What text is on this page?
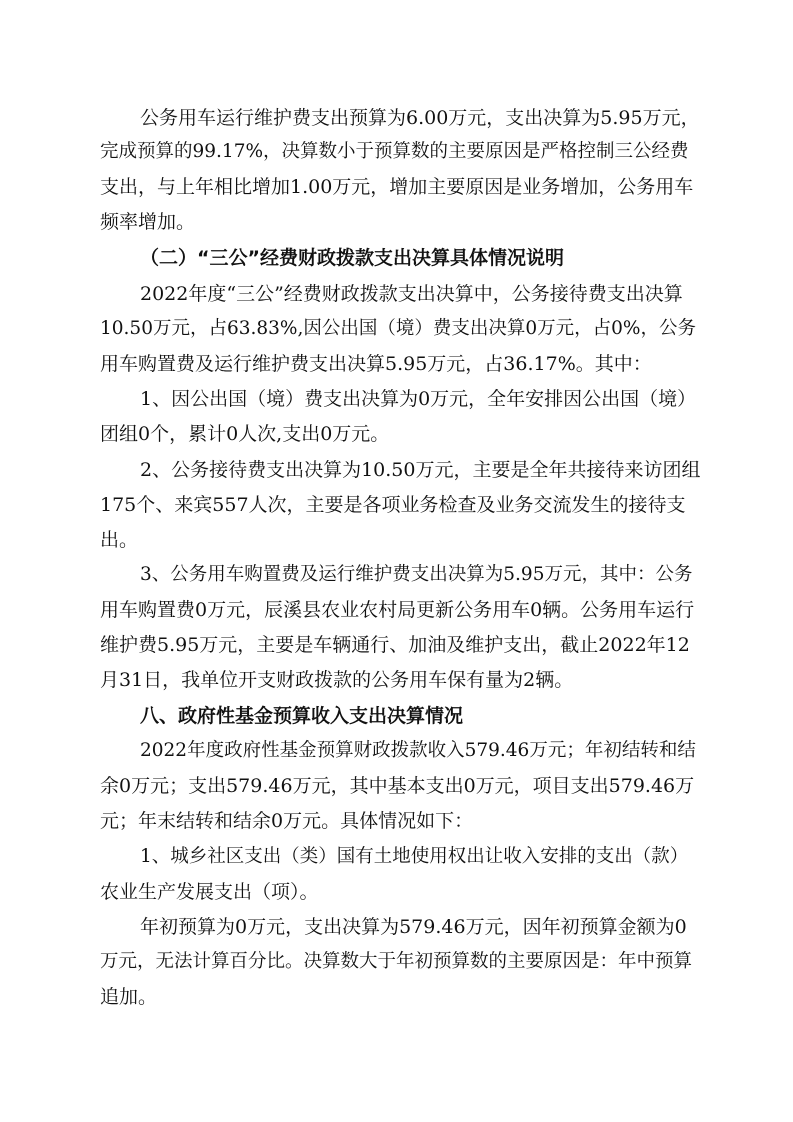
公务用车运行维护费支出预算为6.00万元，支出决算为5.95万元，
完成预算的99.17%，决算数小于预算数的主要原因是严格控制三公经费
支出，与上年相比增加1.00万元，增加主要原因是业务增加，公务用车
频率增加。
（二）“三公”经费财政拨款支出决算具体情况说明
2022年度“三公”经费财政拨款支出决算中，公务接待费支出决算
10.50万元，占63.83%,因公出国（境）费支出决算0万元，占0%，公务
用车购置费及运行维护费支出决算5.95万元，占36.17%。其中：
1、因公出国（境）费支出决算为0万元，全年安排因公出国（境）
团组0个，累计0人次,支出0万元。
2、公务接待费支出决算为10.50万元，主要是全年共接待来访团组
175个、来宾557人次，主要是各项业务检查及业务交流发生的接待支
出。
3、公务用车购置费及运行维护费支出决算为5.95万元，其中：公务
用车购置费0万元，辰溪县农业农村局更新公务用车0辆。公务用车运行
维护费5.95万元，主要是车辆通行、加油及维护支出，截止2022年12
月31日，我单位开支财政拨款的公务用车保有量为2辆。
八、政府性基金预算收入支出决算情况
2022年度政府性基金预算财政拨款收入579.46万元；年初结转和结
余0万元；支出579.46万元，其中基本支出0万元，项目支出579.46万
元；年末结转和结余0万元。具体情况如下：
1、城乡社区支出（类）国有土地使用权出让收入安排的支出（款）
农业生产发展支出（项）。
年初预算为0万元，支出决算为579.46万元，因年初预算金额为0
万元，无法计算百分比。决算数大于年初预算数的主要原因是：年中预算
追加。
